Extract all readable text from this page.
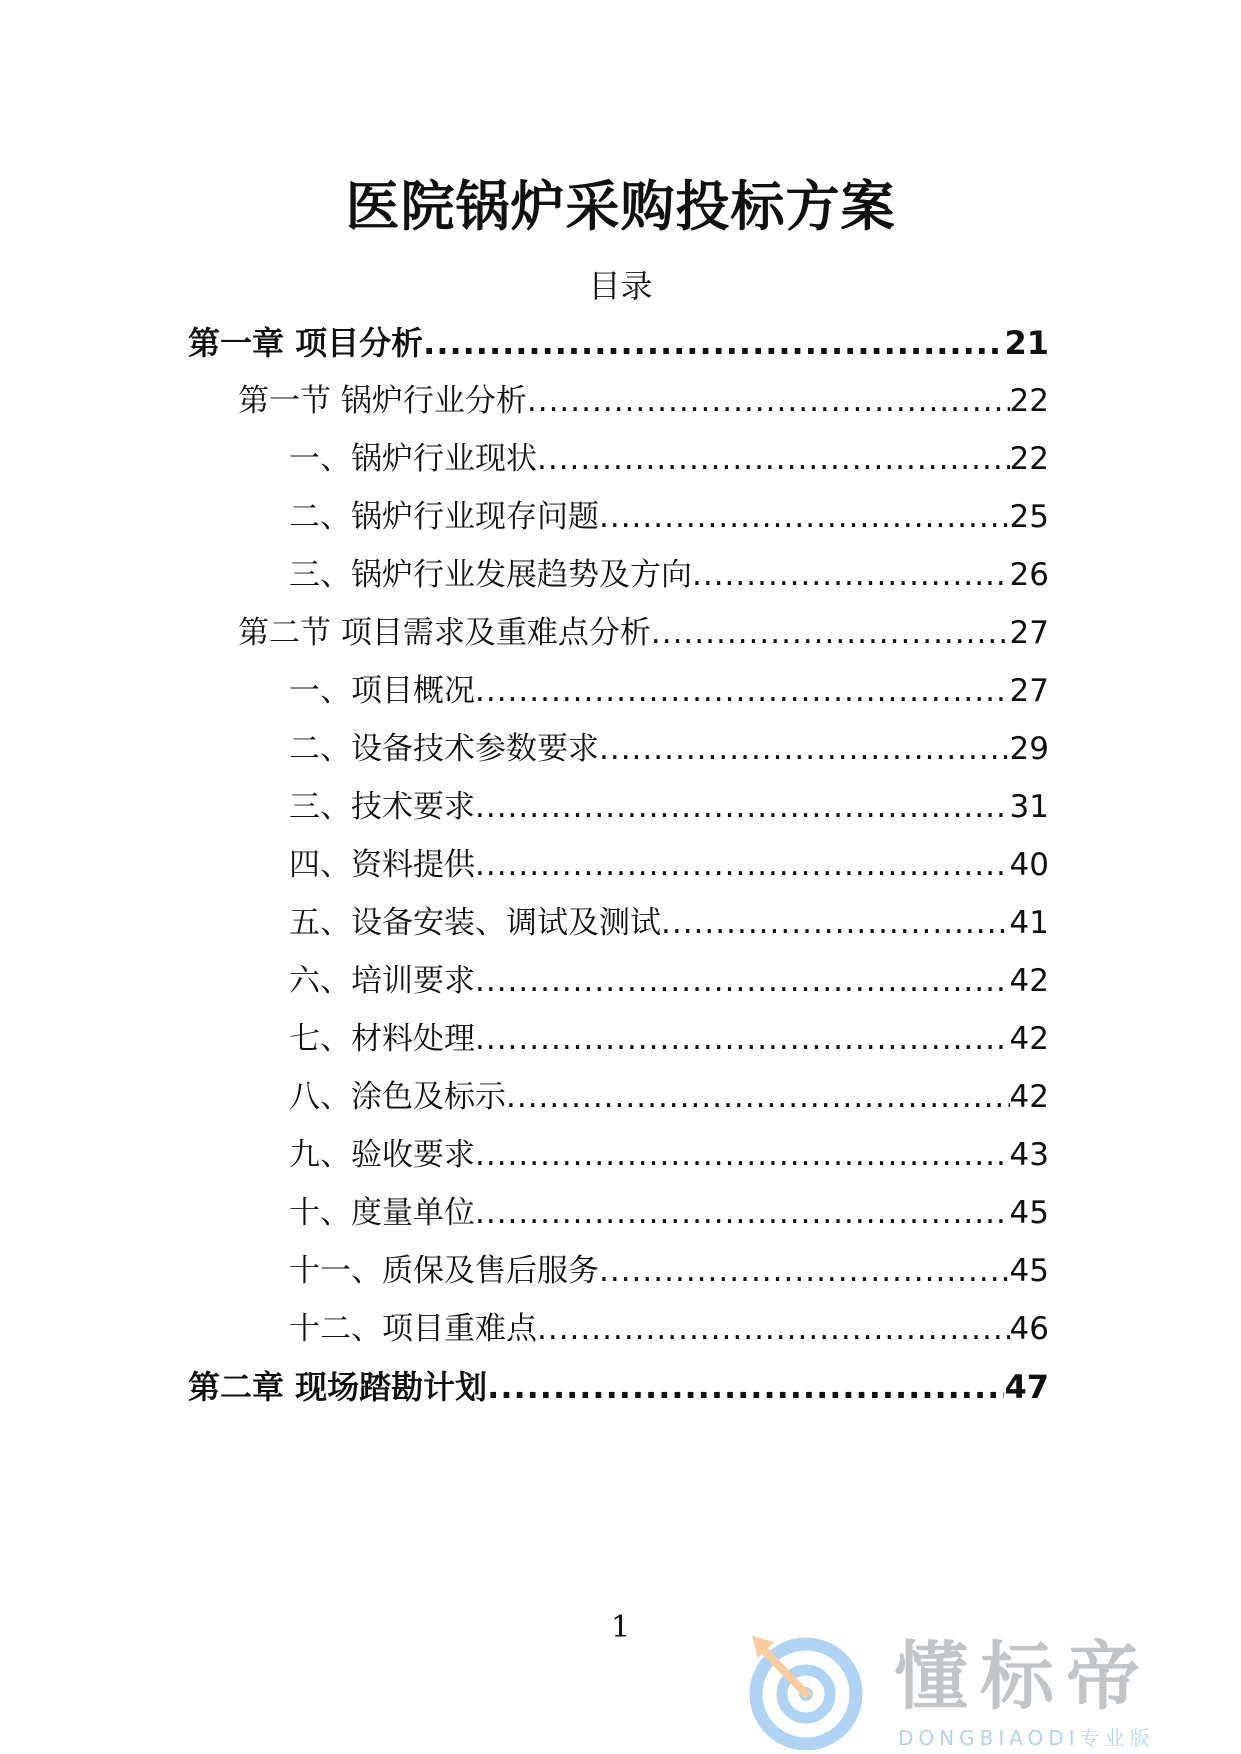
医院锅炉采购投标方案
目录
第一章 项目分析 .....	21
第一节 锅炉行业分析 .....	22
一、锅炉行业现状 .....	22
二、锅炉行业现存问题 .....	25
三、锅炉行业发展趋势及方向 .....	26
第二节 项目需求及重难点分析 .....	27
一、项目概况 .....	27
二、设备技术参数要求 .....	29
三、技术要求 .....	31
四、资料提供 .....	40
五、设备安装、调试及测试 .....	41
六、培训要求 .....	42
七、材料处理 .....	42
八、涂色及标示 .....	42
九、验收要求 .....	43
十、度量单位 .....	45
十一、质保及售后服务 .....	45
十二、项目重难点 .....	46
第二章 现场踏勘计划 .....	47
1
懂标帝
DONGBIAODI专业版
